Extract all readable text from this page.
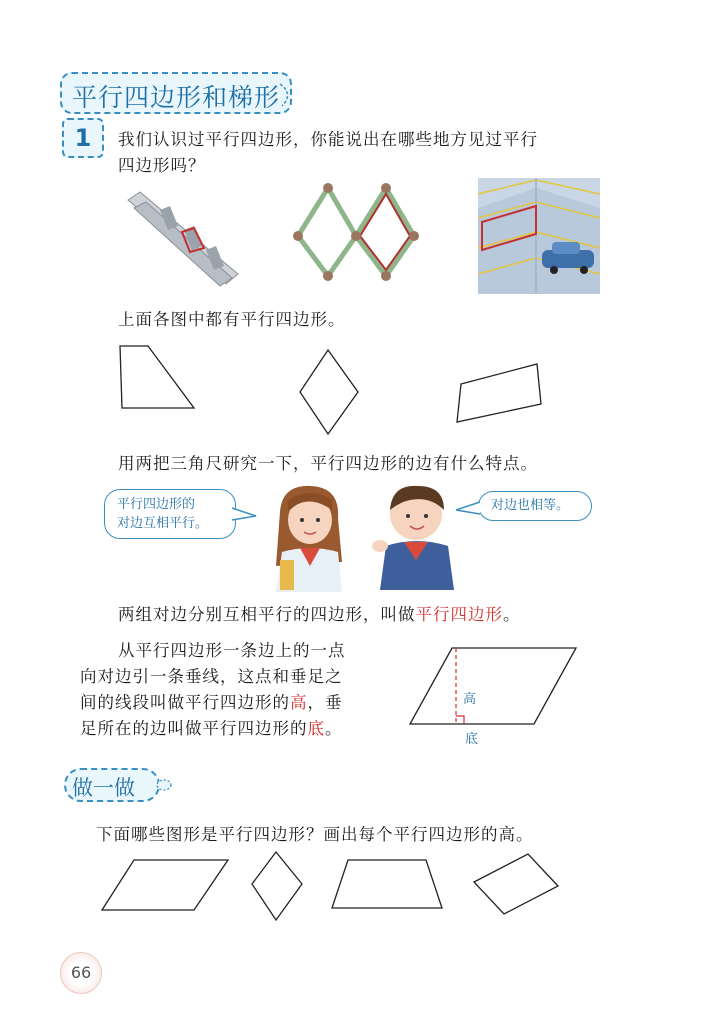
平行四边形和梯形
1	我们认识过平行四边形，你能说出在哪些地方见过平行
四边形吗？
上面各图中都有平行四边形。
用两把三角尺研究一下，平行四边形的边有什么特点。
平行四边形的
对边互相平行。
对边也相等。
两组对边分别互相平行的四边形，叫做平行四边形。
从平行四边形一条边上的一点
向对边引一条垂线，这点和垂足之
间的线段叫做平行四边形的高，垂
足所在的边叫做平行四边形的底。
高
底
做一做
下面哪些图形是平行四边形？画出每个平行四边形的高。
66
